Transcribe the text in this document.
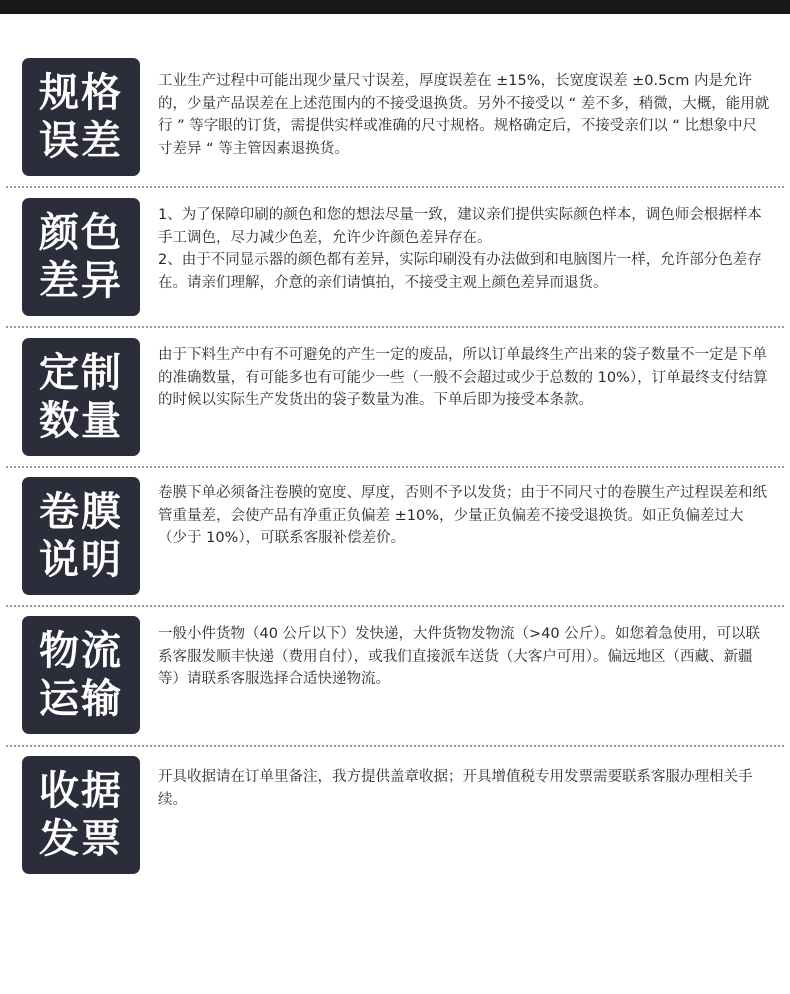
规格
误差

工业生产过程中可能出现少量尺寸误差，厚度误差在 ±15%，长宽度误差 ±0.5cm 内是允许的，少量产品误差在上述范围内的不接受退换货。另外不接受以 “ 差不多，稍微，大概，能用就行 ” 等字眼的订货，需提供实样或准确的尺寸规格。规格确定后，不接受亲们以 “ 比想象中尺寸差异 “ 等主管因素退换货。

颜色
差异

1、为了保障印刷的颜色和您的想法尽量一致，建议亲们提供实际颜色样本，调色师会根据样本手工调色，尽力减少色差，允许少许颜色差异存在。

2、由于不同显示器的颜色都有差异，实际印刷没有办法做到和电脑图片一样，允许部分色差存在。请亲们理解，介意的亲们请慎拍，不接受主观上颜色差异而退货。

定制
数量

由于下料生产中有不可避免的产生一定的废品，所以订单最终生产出来的袋子数量不一定是下单的准确数量，有可能多也有可能少一些（一般不会超过或少于总数的 10%），订单最终支付结算的时候以实际生产发货出的袋子数量为准。下单后即为接受本条款。

卷膜
说明

卷膜下单必须备注卷膜的宽度、厚度，否则不予以发货；由于不同尺寸的卷膜生产过程误差和纸管重量差，会使产品有净重正负偏差 ±10%，少量正负偏差不接受退换货。如正负偏差过大（少于 10%），可联系客服补偿差价。

物流
运输

一般小件货物（40 公斤以下）发快递，大件货物发物流（>40 公斤）。如您着急使用，可以联系客服发顺丰快递（费用自付），或我们直接派车送货（大客户可用）。偏远地区（西藏、新疆等）请联系客服选择合适快递物流。

收据
发票

开具收据请在订单里备注，我方提供盖章收据；开具增值税专用发票需要联系客服办理相关手续。
